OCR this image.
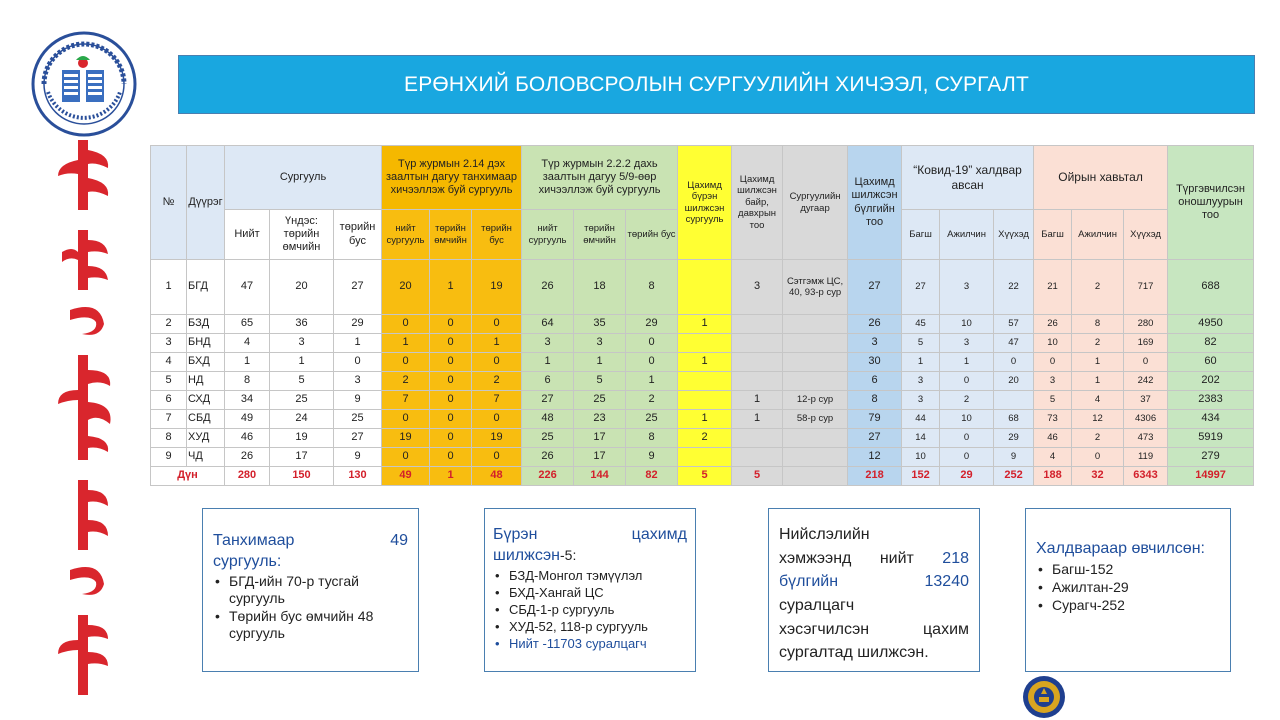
ЕРӨНХИЙ БОЛОВСРОЛЫН СУРГУУЛИЙН ХИЧЭЭЛ, СУРГАЛТ
№	Дүүрэг	Сургууль			Түр журмын 2.14 дэх заалтын дагуу танхимаар хичээллэж буй сургууль			Түр журмын 2.2.2 дахь заалтын дагуу 5/9-өөр хичээллэж буй сургууль			Цахимд бүрэн шилжсэн сургууль	Цахимд шилжсэн байр, давхрын тоо	Сургуулийн дугаар	Цахимд шилжсэн бүлгийн тоо	“Ковид-19” халдвар авсан			Ойрын хавьтал			Түргэвчилсэн оношлуурын тоо
		Нийт	Үндэс: төрийн өмчийн	төрийн бус	нийт сургууль	төрийн өмчийн	төрийн бус	нийт сургууль	төрийн өмчийн	төрийн бус					Багш	Ажилчин	Хүүхэд	Багш	Ажилчин	Хүүхэд	
1	БГД	47	20	27	20	1	19	26	18	8		3	Сэтгэмж ЦС, 40, 93-р сур	27	27	3	22	21	2	717	688
2	БЗД	65	36	29	0	0	0	64	35	29	1			26	45	10	57	26	8	280	4950
3	БНД	4	3	1	1	0	1	3	3	0				3	5	3	47	10	2	169	82
4	БХД	1	1	0	0	0	0	1	1	0	1			30	1	1	0	0	1	0	60
5	НД	8	5	3	2	0	2	6	5	1				6	3	0	20	3	1	242	202
6	СХД	34	25	9	7	0	7	27	25	2		1	12-р сур	8	3	2		5	4	37	2383
7	СБД	49	24	25	0	0	0	48	23	25	1	1	58-р сур	79	44	10	68	73	12	4306	434
8	ХУД	46	19	27	19	0	19	25	17	8	2			27	14	0	29	46	2	473	5919
9	ЧД	26	17	9	0	0	0	26	17	9				12	10	0	9	4	0	119	279
Дүн		280	150	130	49	1	48	226	144	82	5	5		218	152	29	252	188	32	6343	14997
Танхимаар	49
сургууль:
• БГД-ийн 70-р тусгай сургууль
• Төрийн бус өмчийн 48 сургууль
Бүрэн	цахимд
шилжсэн-5:
• БЗД-Монгол тэмүүлэл
• БХД-Хангай ЦС
• СБД-1-р сургууль
• ХУД-52, 118-р сургууль
• Нийт -11703 суралцагч
Нийслэлийн
хэмжээнд нийт 218
бүлгийн	13240
суралцагч
хэсэгчилсэн	цахим
сургалтад шилжсэн.
Халдвараар өвчилсөн:
• Багш-152
• Ажилтан-29
• Сурагч-252
